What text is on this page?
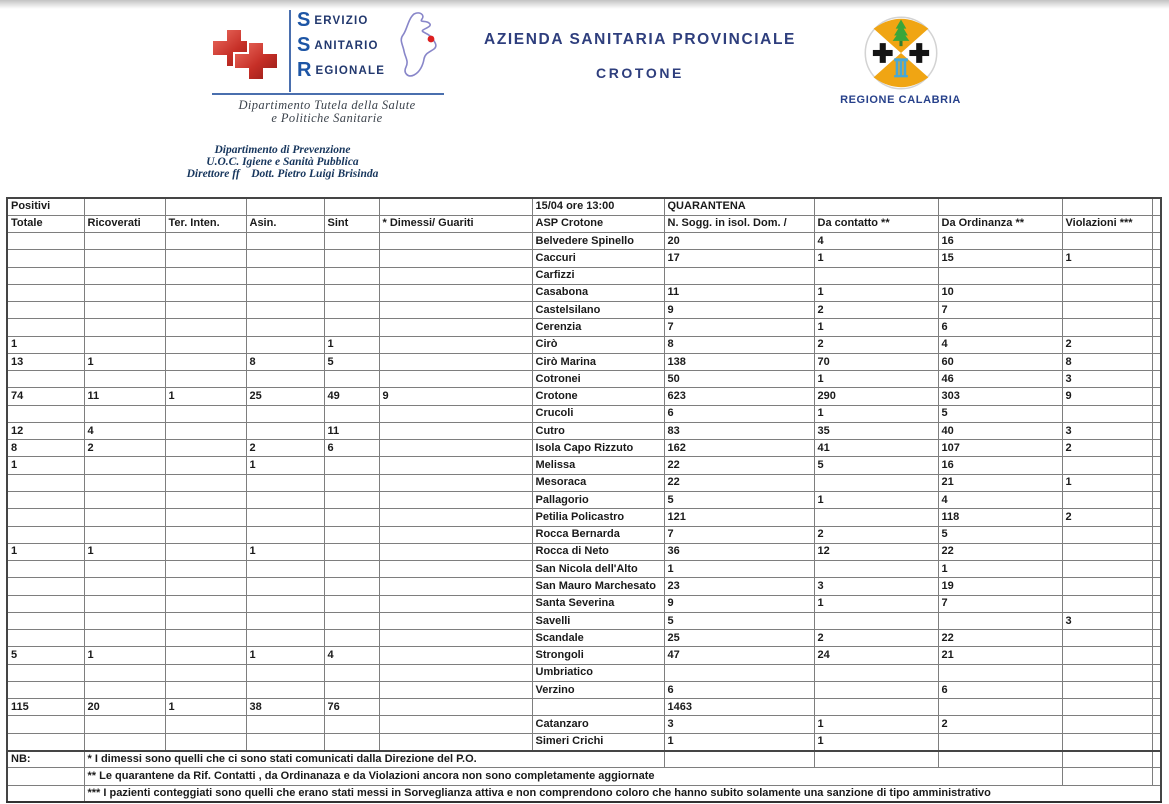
SERVIZIO
SANITARIO
REGIONALE
Dipartimento Tutela della Salute
e Politiche Sanitarie
AZIENDA SANITARIA PROVINCIALE
CROTONE
REGIONE CALABRIA
Dipartimento di Prevenzione
U.O.C. Igiene e Sanità Pubblica
Direttore ff    Dott. Pietro Luigi Brisinda
Positivi						15/04 ore 13:00	QUARANTENA				
Totale	Ricoverati	Ter. Inten.	Asin.	Sint	* Dimessi/ Guariti	ASP Crotone	N. Sogg. in isol. Dom. /	Da contatto **	Da Ordinanza **	Violazioni ***	
						Belvedere Spinello	20	4	16		
						Caccuri	17	1	15	1	
						Carfizzi					
						Casabona	11	1	10		
						Castelsilano	9	2	7		
						Cerenzia	7	1	6		
1				1		Cirò	8	2	4	2	
13	1		8	5		Cirò Marina	138	70	60	8	
						Cotronei	50	1	46	3	
74	11	1	25	49	9	Crotone	623	290	303	9	
						Crucoli	6	1	5		
12	4			11		Cutro	83	35	40	3	
8	2		2	6		Isola Capo Rizzuto	162	41	107	2	
1			1			Melissa	22	5	16		
						Mesoraca	22		21	1	
						Pallagorio	5	1	4		
						Petilia Policastro	121		118	2	
						Rocca Bernarda	7	2	5		
1	1		1			Rocca di Neto	36	12	22		
						San Nicola dell'Alto	1		1		
						San Mauro Marchesato	23	3	19		
						Santa Severina	9	1	7		
						Savelli	5			3	
						Scandale	25	2	22		
5	1		1	4		Strongoli	47	24	21		
						Umbriatico					
						Verzino	6		6		
115	20	1	38	76			1463				
						Catanzaro	3	1	2		
						Simeri Crichi	1	1			
NB:	* I dimessi sono quelli che ci sono stati comunicati dalla Direzione del P.O.										
	** Le quarantene da Rif. Contatti , da Ordinanaza e da Violazioni ancora non sono completamente aggiornate										
	*** I pazienti conteggiati sono quelli che erano stati messi in Sorveglianza attiva e non comprendono coloro che hanno subito solamente una sanzione di tipo amministrativo										
